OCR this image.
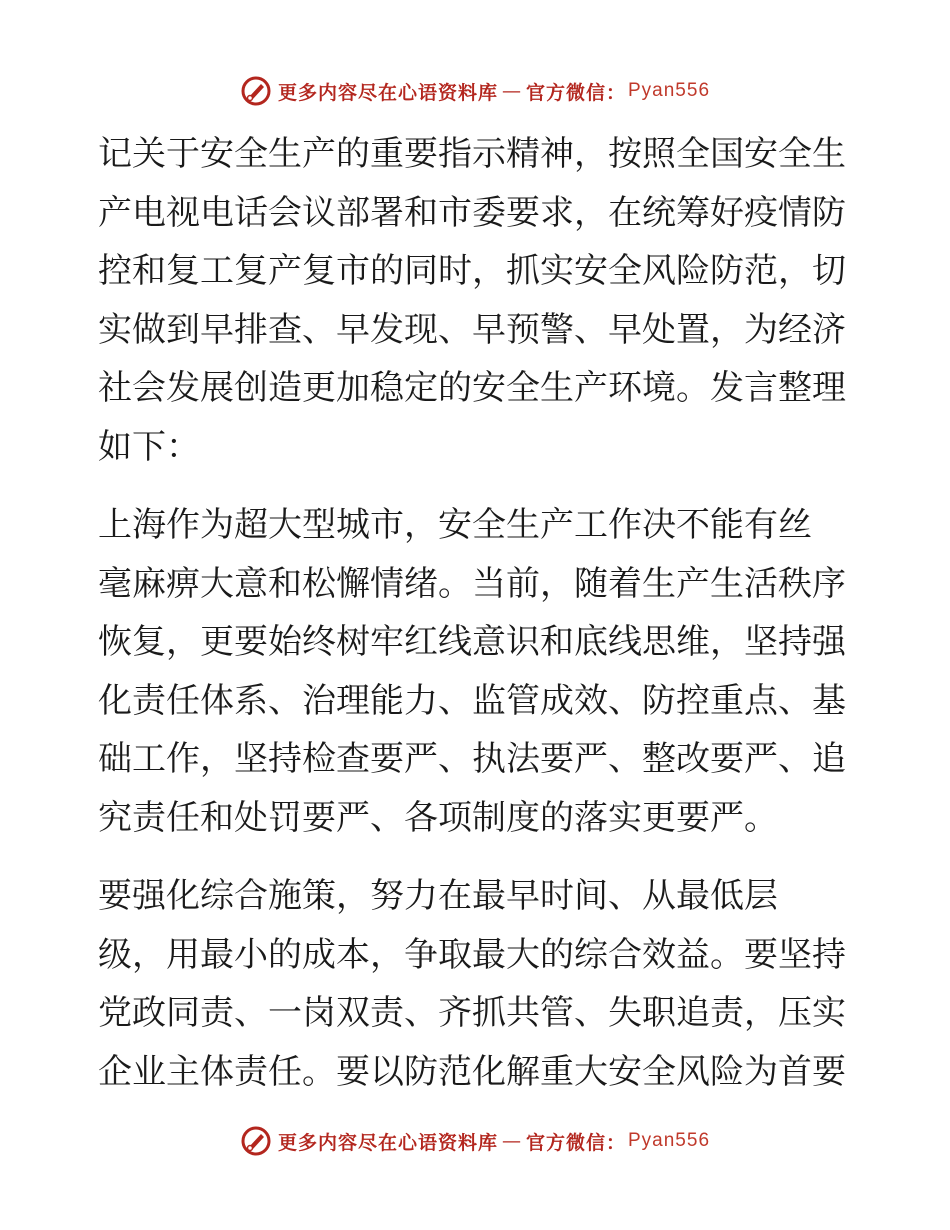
更多内容尽在心语资料库 — 官方微信： Pyan556

记关于安全生产的重要指示精神，按照全国安全生

产电视电话会议部署和市委要求，在统筹好疫情防

控和复工复产复市的同时，抓实安全风险防范，切

实做到早排查、早发现、早预警、早处置，为经济

社会发展创造更加稳定的安全生产环境。发言整理

如下：

上海作为超大型城市，安全生产工作决不能有丝

毫麻痹大意和松懈情绪。当前，随着生产生活秩序

恢复，更要始终树牢红线意识和底线思维，坚持强

化责任体系、治理能力、监管成效、防控重点、基

础工作，坚持检查要严、执法要严、整改要严、追

究责任和处罚要严、各项制度的落实更要严。

要强化综合施策，努力在最早时间、从最低层

级，用最小的成本，争取最大的综合效益。要坚持

党政同责、一岗双责、齐抓共管、失职追责，压实

企业主体责任。要以防范化解重大安全风险为首要

更多内容尽在心语资料库 — 官方微信： Pyan556
